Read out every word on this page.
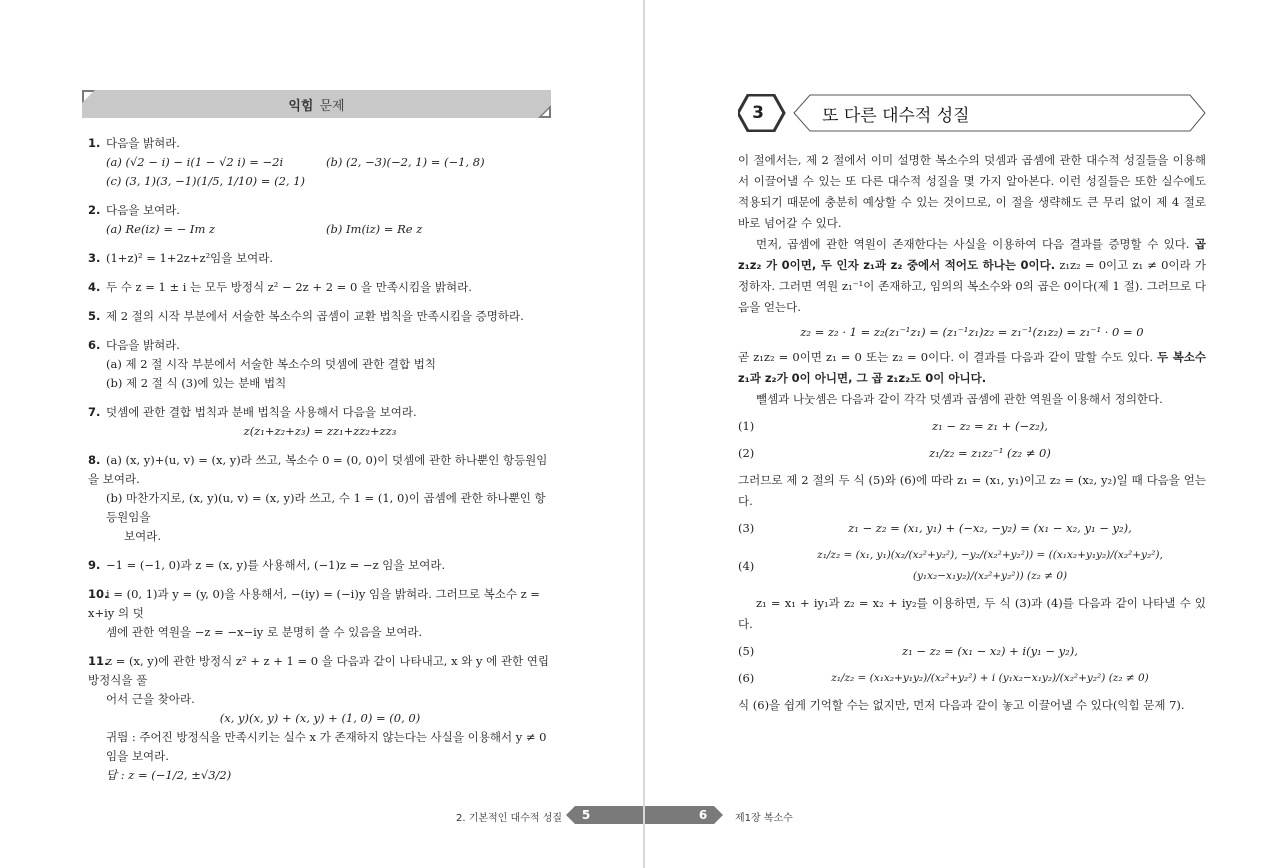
익힘 문제
1. 다음을 밝혀라.
(a) (√2 − i) − i(1 − √2 i) = −2i	(b) (2, −3)(−2, 1) = (−1, 8)
(c) (3, 1)(3, −1)(1/5, 1/10) = (2, 1)
2. 다음을 보여라.
(a) Re(iz) = − Im z	(b) Im(iz) = Re z
3. (1+z)² = 1+2z+z²임을 보여라.
4. 두 수 z = 1 ± i 는 모두 방정식 z² − 2z + 2 = 0 을 만족시킴을 밝혀라.
5. 제 2 절의 시작 부분에서 서술한 복소수의 곱셈이 교환 법칙을 만족시킴을 증명하라.
6. 다음을 밝혀라.
(a) 제 2 절 시작 부분에서 서술한 복소수의 덧셈에 관한 결합 법칙
(b) 제 2 절 식 (3)에 있는 분배 법칙
7. 덧셈에 관한 결합 법칙과 분배 법칙을 사용해서 다음을 보여라.
z(z₁+z₂+z₃) = zz₁+zz₂+zz₃
8. (a) (x, y)+(u, v) = (x, y)라 쓰고, 복소수 0 = (0, 0)이 덧셈에 관한 하나뿐인 항등원임을 보여라.
(b) 마찬가지로, (x, y)(u, v) = (x, y)라 쓰고, 수 1 = (1, 0)이 곱셈에 관한 하나뿐인 항등원임을
보여라.
9. −1 = (−1, 0)과 z = (x, y)를 사용해서, (−1)z = −z 임을 보여라.
10.i = (0, 1)과 y = (y, 0)을 사용해서, −(iy) = (−i)y 임을 밝혀라. 그러므로 복소수 z = x+iy 의 덧
셈에 관한 역원을 −z = −x−iy 로 분명히 쓸 수 있음을 보여라.
11.z = (x, y)에 관한 방정식 z² + z + 1 = 0 을 다음과 같이 나타내고, x 와 y 에 관한 연립 방정식을 풀
어서 근을 찾아라.
(x, y)(x, y) + (x, y) + (1, 0) = (0, 0)
귀띔 : 주어진 방정식을 만족시키는 실수 x 가 존재하지 않는다는 사실을 이용해서 y ≠ 0 임을 보여라.
답 : z = (−1/2, ±√3/2)
2. 기본적인 대수적 성질	5
3	또 다른 대수적 성질

이 절에서는, 제 2 절에서 이미 설명한 복소수의 덧셈과 곱셈에 관한 대수적 성질들을 이용해서 이끌어낼 수 있는 또 다른 대수적 성질을 몇 가지 알아본다. 이런 성질들은 또한 실수에도 적용되기 때문에 충분히 예상할 수 있는 것이므로, 이 절을 생략해도 큰 무리 없이 제 4 절로 바로 넘어갈 수 있다.

먼저, 곱셈에 관한 역원이 존재한다는 사실을 이용하여 다음 결과를 증명할 수 있다. 곱 z₁z₂ 가 0이면, 두 인자 z₁과 z₂ 중에서 적어도 하나는 0이다. z₁z₂ = 0이고 z₁ ≠ 0이라 가정하자. 그러면 역원 z₁⁻¹이 존재하고, 임의의 복소수와 0의 곱은 0이다(제 1 절). 그러므로 다음을 얻는다.

z₂ = z₂ · 1 = z₂(z₁⁻¹z₁) = (z₁⁻¹z₁)z₂ = z₁⁻¹(z₁z₂) = z₁⁻¹ · 0 = 0

곧 z₁z₂ = 0이면 z₁ = 0 또는 z₂ = 0이다. 이 결과를 다음과 같이 말할 수도 있다. 두 복소수 z₁과 z₂가 0이 아니면, 그 곱 z₁z₂도 0이 아니다.

뺄셈과 나눗셈은 다음과 같이 각각 덧셈과 곱셈에 관한 역원을 이용해서 정의한다.

(1)	z₁ − z₂ = z₁ + (−z₂),
(2)	z₁/z₂ = z₁z₂⁻¹ (z₂ ≠ 0)

그러므로 제 2 절의 두 식 (5)와 (6)에 따라 z₁ = (x₁, y₁)이고 z₂ = (x₂, y₂)일 때 다음을 얻는다.

(3)	z₁ − z₂ = (x₁, y₁) + (−x₂, −y₂) = (x₁ − x₂, y₁ − y₂),
(4)
z₁/z₂ = (x₁, y₁)(x₂/(x₂²+y₂²), −y₂/(x₂²+y₂²)) = ((x₁x₂+y₁y₂)/(x₂²+y₂²), (y₁x₂−x₁y₂)/(x₂²+y₂²)) (z₂ ≠ 0)

z₁ = x₁ + iy₁과 z₂ = x₂ + iy₂를 이용하면, 두 식 (3)과 (4)를 다음과 같이 나타낼 수 있다.

(5)	z₁ − z₂ = (x₁ − x₂) + i(y₁ − y₂),
(6)	z₁/z₂ = (x₁x₂+y₁y₂)/(x₂²+y₂²) + i (y₁x₂−x₁y₂)/(x₂²+y₂²) (z₂ ≠ 0)

식 (6)을 쉽게 기억할 수는 없지만, 먼저 다음과 같이 놓고 이끌어낼 수 있다(익힘 문제 7).

6	제1장 복소수
